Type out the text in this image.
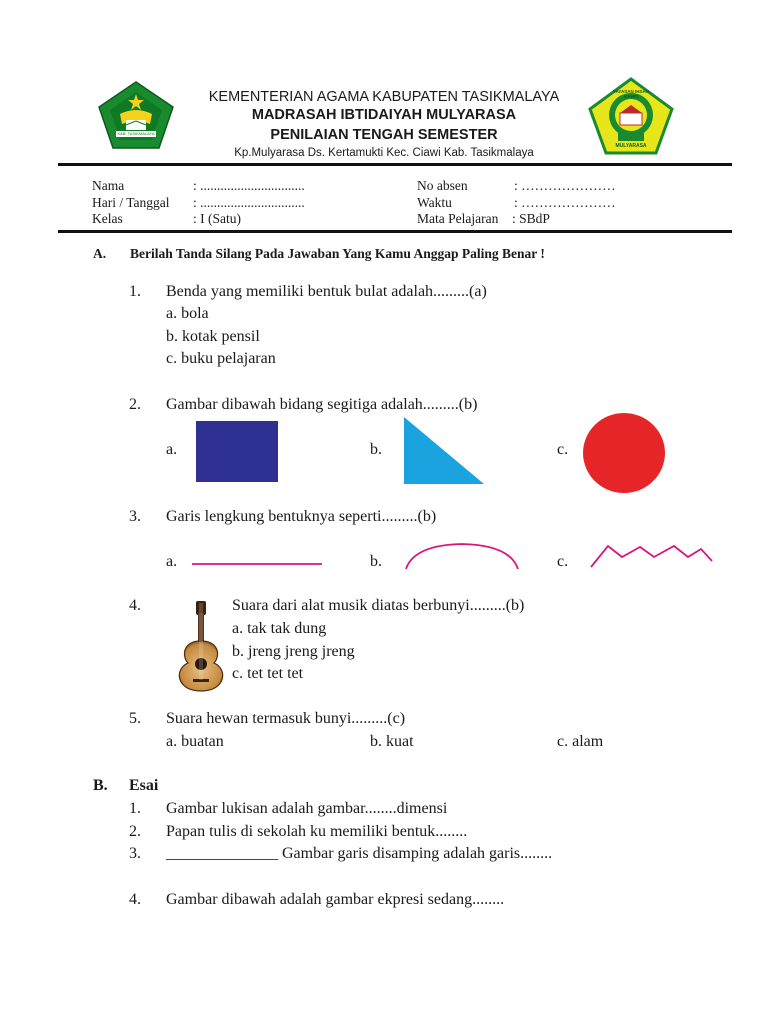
KAB. TASIKMALAYA
YAYASAN IHSAN KAHFI
MULYARASA
KEMENTERIAN AGAMA KABUPATEN TASIKMALAYA
MADRASAH IBTIDAIYAH MULYARASA
PENILAIAN TENGAH SEMESTER
Kp.Mulyarasa Ds. Kertamukti Kec. Ciawi Kab. Tasikmalaya
Nama	: ...............................
Hari / Tanggal : ...............................
Kelas	: I (Satu)
No absen	: …………………
Waktu	: …………………
Mata Pelajaran : SBdP
A. Berilah Tanda Silang Pada Jawaban Yang Kamu Anggap Paling Benar !
1. Benda yang memiliki bentuk bulat adalah.........(a)
a. bola
b. kotak pensil
c. buku pelajaran
2. Gambar dibawah bidang segitiga adalah.........(b)
a.	b.	c.
3. Garis lengkung bentuknya seperti.........(b)
a.	b.	c.
4.	Suara dari alat musik diatas berbunyi.........(b)
a. tak tak dung
b. jreng jreng jreng
c. tet tet tet
5. Suara hewan termasuk bunyi.........(c)
a. buatan	b. kuat	c. alam
B. Esai
1. Gambar lukisan adalah gambar........dimensi
2. Papan tulis di sekolah ku memiliki bentuk........
3. ______________ Gambar garis disamping adalah garis........
4. Gambar dibawah adalah gambar ekpresi sedang........
